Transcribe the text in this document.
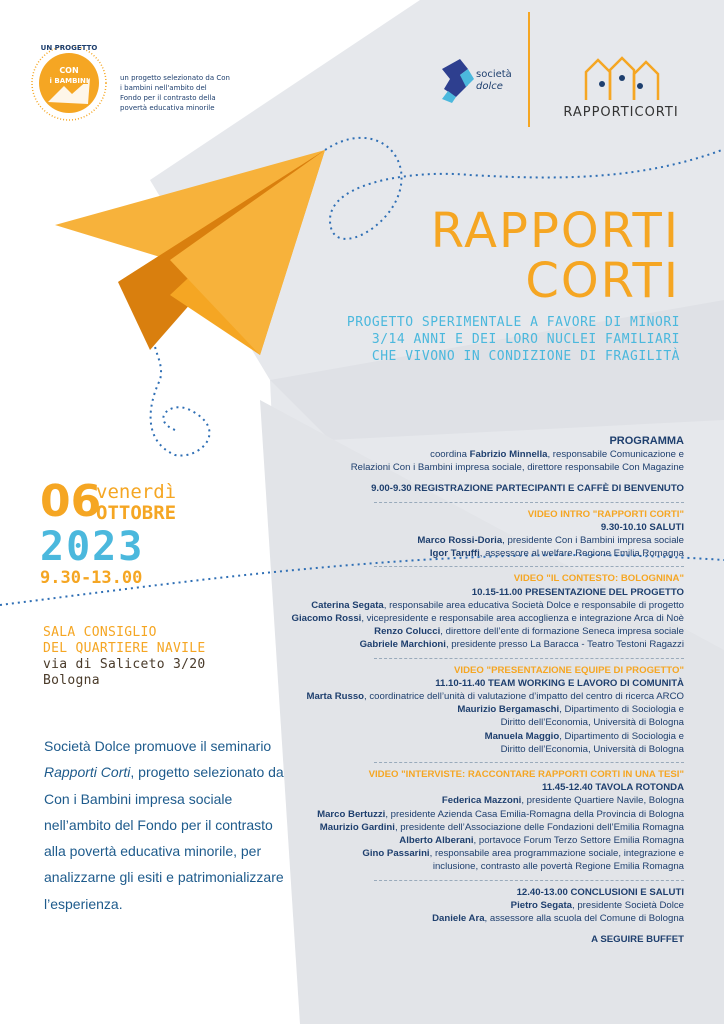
UN PROGETTO
CON
i BAMBINI	un progetto selezionato da Con i bambini nell'ambito del Fondo per il contrasto della povertà educativa minorile
società
dolce
RAPPORTICORTI
RAPPORTI
CORTI
PROGETTO SPERIMENTALE A FAVORE DI MINORI
3/14 ANNI E DEI LORO NUCLEI FAMILIARI
CHE VIVONO IN CONDIZIONE DI FRAGILITÀ
06
venerdì
OTTOBRE
2023
9.30-13.00
SALA CONSIGLIO
DEL QUARTIERE NAVILE
via di Saliceto 3/20
Bologna
Società Dolce promuove il seminario Rapporti Corti, progetto selezionato da Con i Bambini impresa sociale nell’ambito del Fondo per il contrasto alla povertà educativa minorile, per analizzarne gli esiti e patrimonializzare l’esperienza.
PROGRAMMA
coordina Fabrizio Minnella, responsabile Comunicazione e
Relazioni Con i Bambini impresa sociale, direttore responsabile Con Magazine
9.00-9.30 REGISTRAZIONE PARTECIPANTI E CAFFÈ DI BENVENUTO
VIDEO INTRO "RAPPORTI CORTI"
9.30-10.10 SALUTI
Marco Rossi-Doria, presidente Con i Bambini impresa sociale
Igor Taruffi, assessore al welfare Regione Emilia Romagna
VIDEO "IL CONTESTO: BOLOGNINA"
10.15-11.00 PRESENTAZIONE DEL PROGETTO
Caterina Segata, responsabile area educativa Società Dolce e responsabile di progetto
Giacomo Rossi, vicepresidente e responsabile area accoglienza e integrazione Arca di Noè
Renzo Colucci, direttore dell’ente di formazione Seneca impresa sociale
Gabriele Marchioni, presidente presso La Baracca - Teatro Testoni Ragazzi
VIDEO "PRESENTAZIONE EQUIPE DI PROGETTO"
11.10-11.40 TEAM WORKING E LAVORO DI COMUNITÀ
Marta Russo, coordinatrice dell’unità di valutazione d’impatto del centro di ricerca ARCO
Maurizio Bergamaschi, Dipartimento di Sociologia e
Diritto dell’Economia, Università di Bologna
Manuela Maggio, Dipartimento di Sociologia e
Diritto dell’Economia, Università di Bologna
VIDEO "INTERVISTE: RACCONTARE RAPPORTI CORTI IN UNA TESI"
11.45-12.40 TAVOLA ROTONDA
Federica Mazzoni, presidente Quartiere Navile, Bologna
Marco Bertuzzi, presidente Azienda Casa Emilia-Romagna della Provincia di Bologna
Maurizio Gardini, presidente dell’Associazione delle Fondazioni dell’Emilia Romagna
Alberto Alberani, portavoce Forum Terzo Settore Emilia Romagna
Gino Passarini, responsabile area programmazione sociale, integrazione e
inclusione, contrasto alle povertà Regione Emilia Romagna
12.40-13.00 CONCLUSIONI E SALUTI
Pietro Segata, presidente Società Dolce
Daniele Ara, assessore alla scuola del Comune di Bologna
A SEGUIRE BUFFET
